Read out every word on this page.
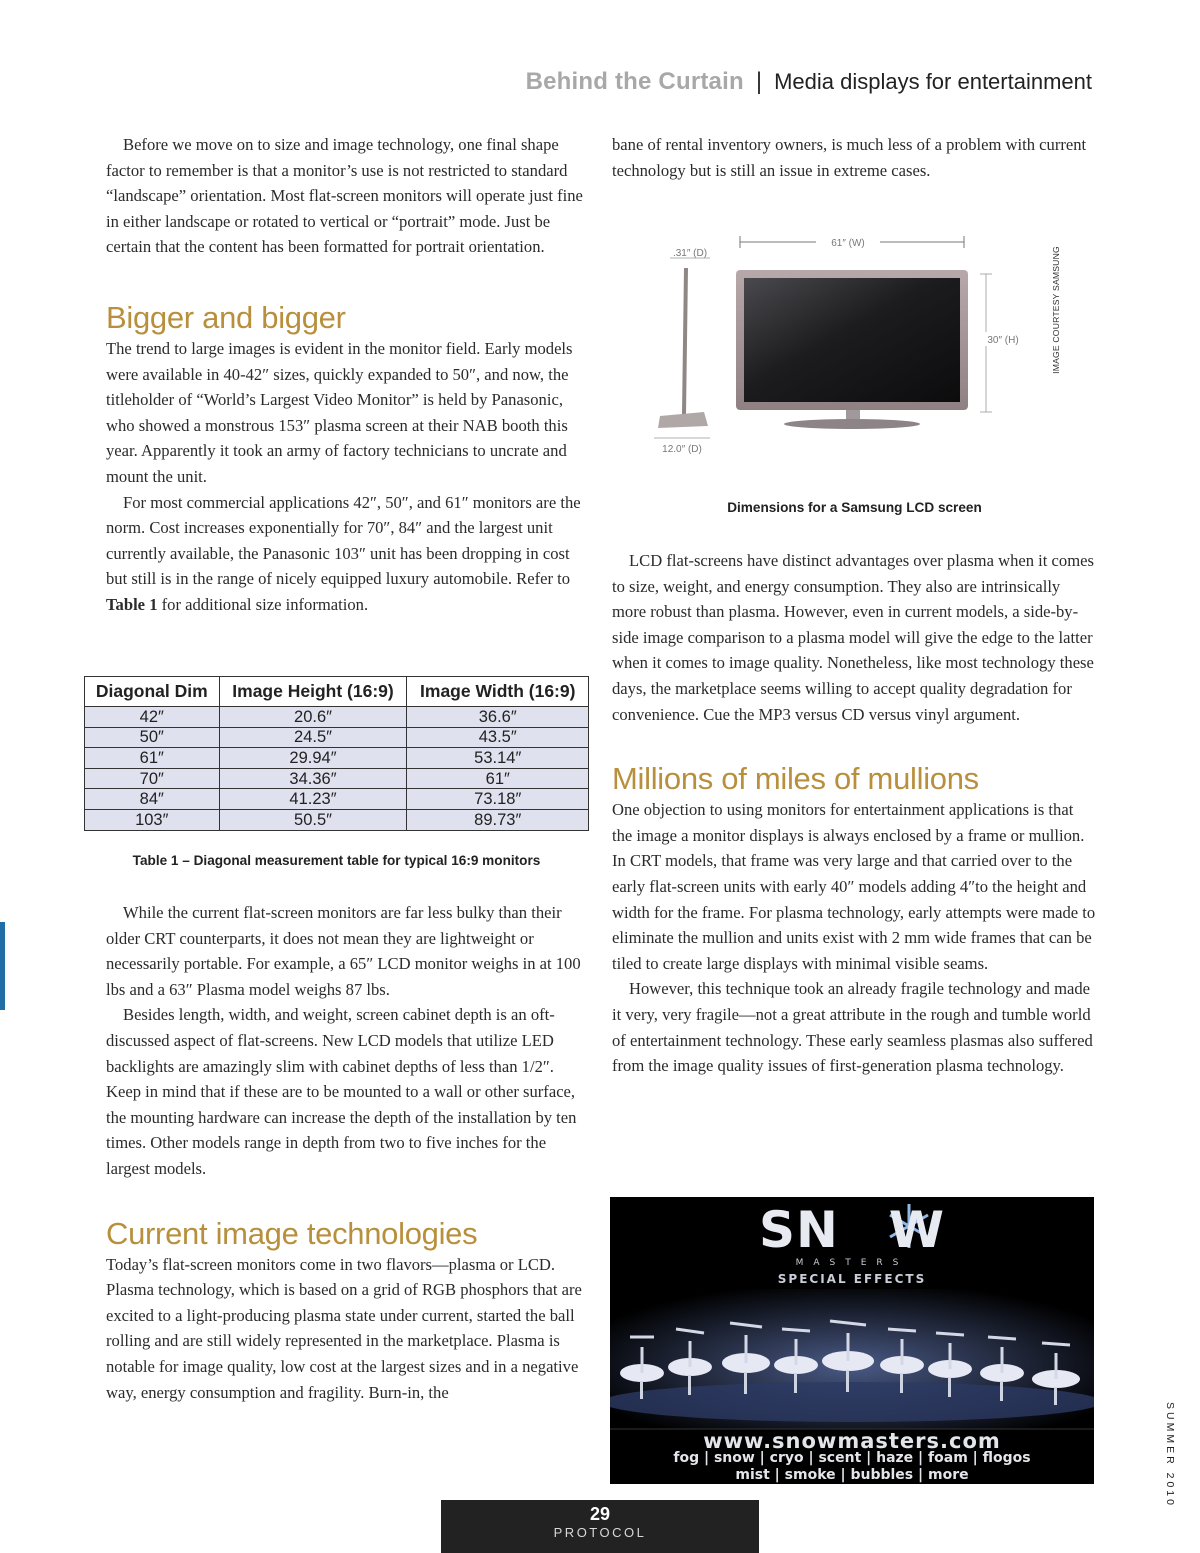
Behind the Curtain | Media displays for entertainment

Before we move on to size and image technology, one final shape factor to remember is that a monitor’s use is not restricted to standard “landscape” orientation. Most flat-screen monitors will operate just fine in either landscape or rotated to vertical or “portrait” mode. Just be certain that the content has been formatted for portrait orientation.

Bigger and bigger

The trend to large images is evident in the monitor field. Early models were available in 40-42″ sizes, quickly expanded to 50″, and now, the titleholder of “World’s Largest Video Monitor” is held by Panasonic, who showed a monstrous 153″ plasma screen at their NAB booth this year. Apparently it took an army of factory technicians to uncrate and mount the unit.

For most commercial applications 42″, 50″, and 61″ monitors are the norm. Cost increases exponentially for 70″, 84″ and the largest unit currently available, the Panasonic 103″ unit has been dropping in cost but still is in the range of nicely equipped luxury automobile. Refer to Table 1 for additional size information.

Diagonal Dim	Image Height (16:9)	Image Width (16:9)
42″	20.6″	36.6″
50″	24.5″	43.5″
61″	29.94″	53.14″
70″	34.36″	61″
84″	41.23″	73.18″
103″	50.5″	89.73″
Table 1 – Diagonal measurement table for typical 16:9 monitors

While the current flat-screen monitors are far less bulky than their older CRT counterparts, it does not mean they are lightweight or necessarily portable. For example, a 65″ LCD monitor weighs in at 100 lbs and a 63″ Plasma model weighs 87 lbs.

Besides length, width, and weight, screen cabinet depth is an oft-discussed aspect of flat-screens. New LCD models that utilize LED backlights are amazingly slim with cabinet depths of less than 1/2″. Keep in mind that if these are to be mounted to a wall or other surface, the mounting hardware can increase the depth of the installation by ten times. Other models range in depth from two to five inches for the largest models.

Current image technologies

Today’s flat-screen monitors come in two flavors—plasma or LCD. Plasma technology, which is based on a grid of RGB phosphors that are excited to a light-producing plasma state under current, started the ball rolling and are still widely represented in the marketplace. Plasma is notable for image quality, low cost at the largest sizes and in a negative way, energy consumption and fragility. Burn-in, the

bane of rental inventory owners, is much less of a problem with current technology but is still an issue in extreme cases.

61″ (W)
.31″ (D)
12.0″ (D)
30″ (H)	IMAGE COURTESY SAMSUNG
Dimensions for a Samsung LCD screen

LCD flat-screens have distinct advantages over plasma when it comes to size, weight, and energy consumption. They also are intrinsically more robust than plasma. However, even in current models, a side-by-side image comparison to a plasma model will give the edge to the latter when it comes to image quality. Nonetheless, like most technology these days, the marketplace seems willing to accept quality degradation for convenience. Cue the MP3 versus CD versus vinyl argument.

Millions of miles of mullions

One objection to using monitors for entertainment applications is that the image a monitor displays is always enclosed by a frame or mullion. In CRT models, that frame was very large and that carried over to the early flat-screen units with early 40″ models adding 4″to the height and width for the frame. For plasma technology, early attempts were made to eliminate the mullion and units exist with 2 mm wide frames that can be tiled to create large displays with minimal visible seams.

However, this technique took an already fragile technology and made it very, very fragile—not a great attribute in the rough and tumble world of entertainment technology. These early seamless plasmas also suffered from the image quality issues of first-generation plasma technology.

SN W
MASTERS
SPECIAL EFFECTS
www.snowmasters.com
fog | snow | cryo | scent | haze | foam | flogos
mist | smoke | bubbles | more
29
PROTOCOL
SUMMER 2010
